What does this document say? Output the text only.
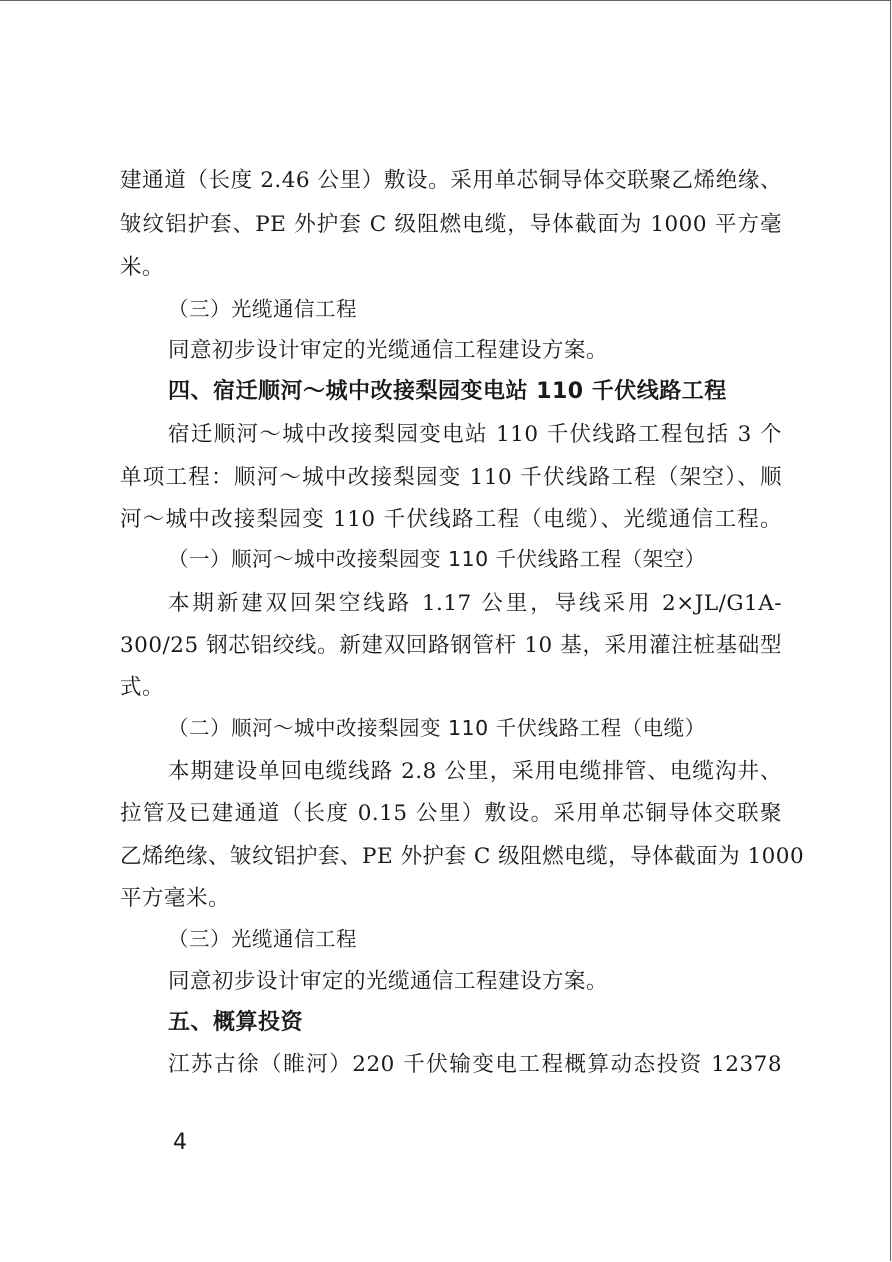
建通道（长度 2.46 公里）敷设。采用单芯铜导体交联聚乙烯绝缘、
皱纹铝护套、PE 外护套 C 级阻燃电缆，导体截面为 1000 平方毫
米。
（三）光缆通信工程
同意初步设计审定的光缆通信工程建设方案。
四、宿迁顺河～城中改接梨园变电站 110 千伏线路工程
宿迁顺河～城中改接梨园变电站 110 千伏线路工程包括 3 个
单项工程：顺河～城中改接梨园变 110 千伏线路工程（架空）、顺
河～城中改接梨园变 110 千伏线路工程（电缆）、光缆通信工程。
（一）顺河～城中改接梨园变 110 千伏线路工程（架空）
本期新建双回架空线路 1.17 公里，导线采用 2×JL/G1A-
300/25 钢芯铝绞线。新建双回路钢管杆 10 基，采用灌注桩基础型
式。
（二）顺河～城中改接梨园变 110 千伏线路工程（电缆）
本期建设单回电缆线路 2.8 公里，采用电缆排管、电缆沟井、
拉管及已建通道（长度 0.15 公里）敷设。采用单芯铜导体交联聚
乙烯绝缘、皱纹铝护套、PE 外护套 C 级阻燃电缆，导体截面为 1000
平方毫米。
（三）光缆通信工程
同意初步设计审定的光缆通信工程建设方案。
五、概算投资
江苏古徐（睢河）220 千伏输变电工程概算动态投资 12378
4
